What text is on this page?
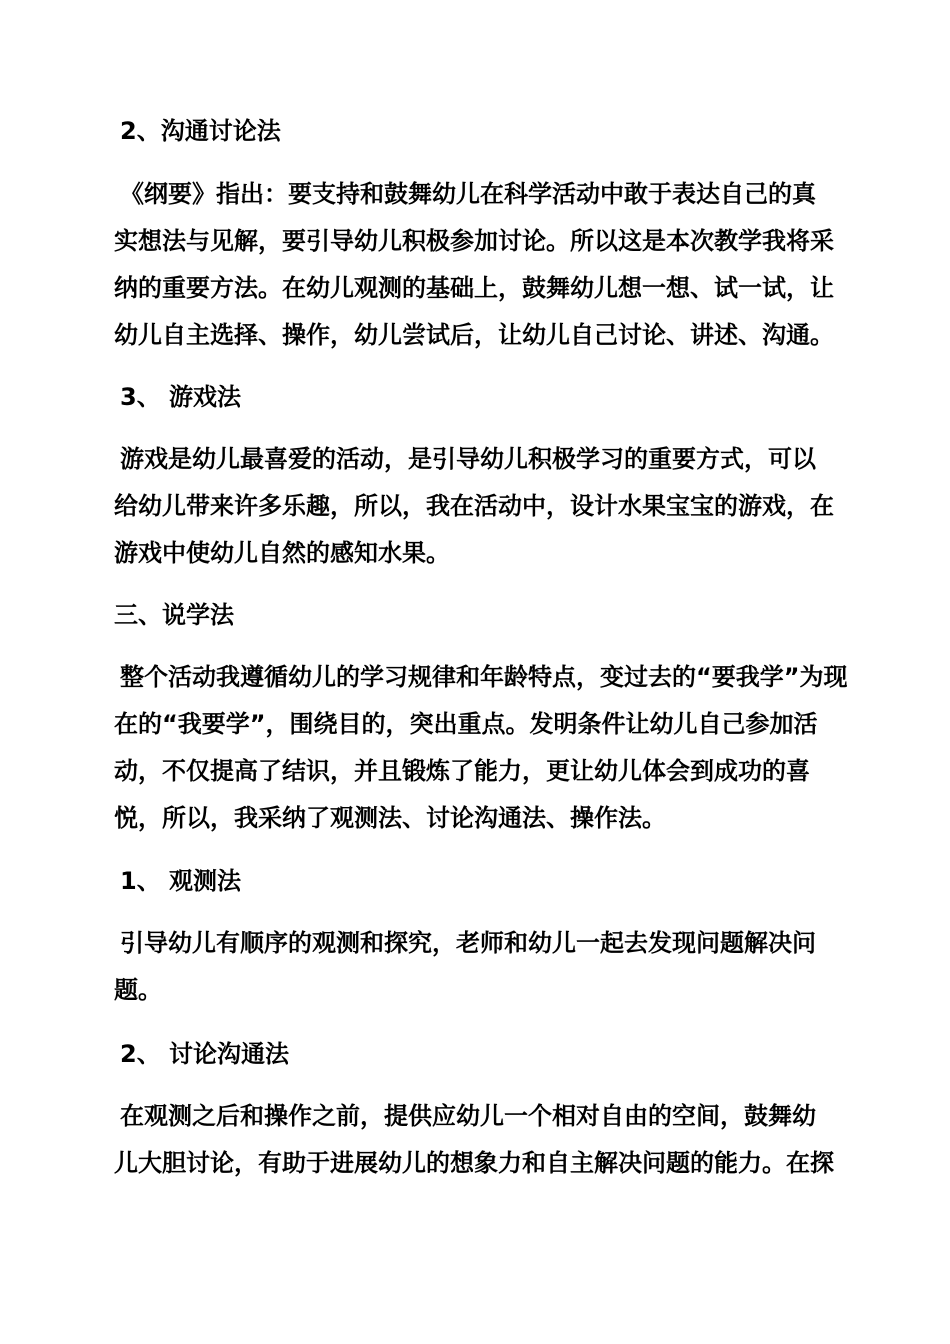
2、沟通讨论法
《纲要》指出：要支持和鼓舞幼儿在科学活动中敢于表达自己的真
实想法与见解，要引导幼儿积极参加讨论。所以这是本次教学我将采
纳的重要方法。在幼儿观测的基础上，鼓舞幼儿想一想、试一试，让
幼儿自主选择、操作，幼儿尝试后，让幼儿自己讨论、讲述、沟通。
3、 游戏法
游戏是幼儿最喜爱的活动，是引导幼儿积极学习的重要方式，可以
给幼儿带来许多乐趣，所以，我在活动中，设计水果宝宝的游戏，在
游戏中使幼儿自然的感知水果。
三、说学法
整个活动我遵循幼儿的学习规律和年龄特点，变过去的“要我学”为现
在的“我要学”，围绕目的，突出重点。发明条件让幼儿自己参加活
动，不仅提高了结识，并且锻炼了能力，更让幼儿体会到成功的喜
悦，所以，我采纳了观测法、讨论沟通法、操作法。
1、 观测法
引导幼儿有顺序的观测和探究，老师和幼儿一起去发现问题解决问
题。
2、 讨论沟通法
在观测之后和操作之前，提供应幼儿一个相对自由的空间，鼓舞幼
儿大胆讨论，有助于进展幼儿的想象力和自主解决问题的能力。在探
